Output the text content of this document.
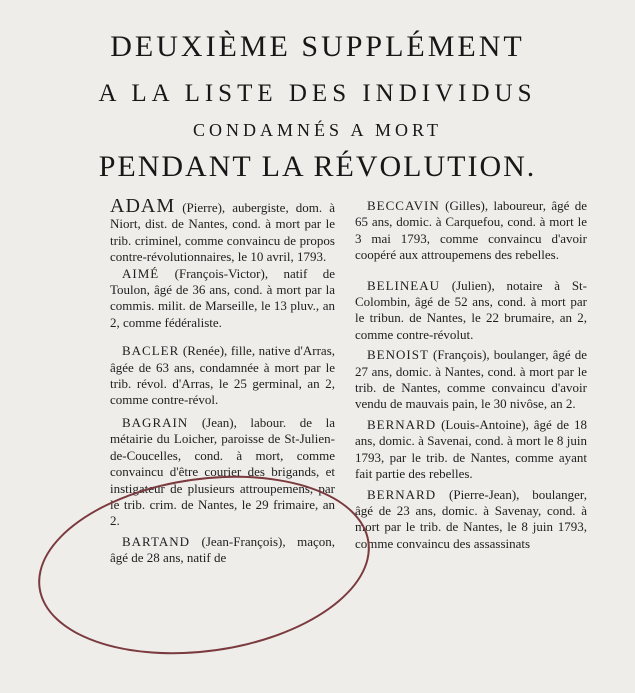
DEUXIÈME SUPPLÉMENT
A LA LISTE DES INDIVIDUS
CONDAMNÉS A MORT
PENDANT LA RÉVOLUTION.

ADAM (Pierre), aubergiste, dom. à Niort, dist. de Nantes, cond. à mort par le trib. criminel, comme convaincu de propos contre-révolutionnaires, le 10 avril, 1793.

AIMÉ (François-Victor), natif de Toulon, âgé de 36 ans, cond. à mort par la commis. milit. de Marseille, le 13 pluv., an 2, comme fédéraliste.

BACLER (Renée), fille, native d'Arras, âgée de 63 ans, condamnée à mort par le trib. révol. d'Arras, le 25 germinal, an 2, comme contre-révol.

BAGRAIN (Jean), labour. de la métairie du Loicher, paroisse de St-Julien-de-Coucelles, cond. à mort, comme convaincu d'être courier des brigands, et instigateur de plusieurs attroupemens, par le trib. crim. de Nantes, le 29 frimaire, an 2.

BARTAND (Jean-François), maçon, âgé de 28 ans, natif de

BECCAVIN (Gilles), laboureur, âgé de 65 ans, domic. à Carquefou, cond. à mort le 3 mai 1793, comme convaincu d'avoir coopéré aux attroupemens des rebelles.

BELINEAU (Julien), notaire à St-Colombin, âgé de 52 ans, cond. à mort par le tribun. de Nantes, le 22 brumaire, an 2, comme contre-révolut.

BENOIST (François), boulanger, âgé de 27 ans, domic. à Nantes, cond. à mort par le trib. de Nantes, comme convaincu d'avoir vendu de mauvais pain, le 30 nivôse, an 2.

BERNARD (Louis-Antoine), âgé de 18 ans, domic. à Savenai, cond. à mort le 8 juin 1793, par le trib. de Nantes, comme ayant fait partie des rebelles.

BERNARD (Pierre-Jean), boulanger, âgé de 23 ans, domic. à Savenay, cond. à mort par le trib. de Nantes, le 8 juin 1793, comme convaincu des assassinats
